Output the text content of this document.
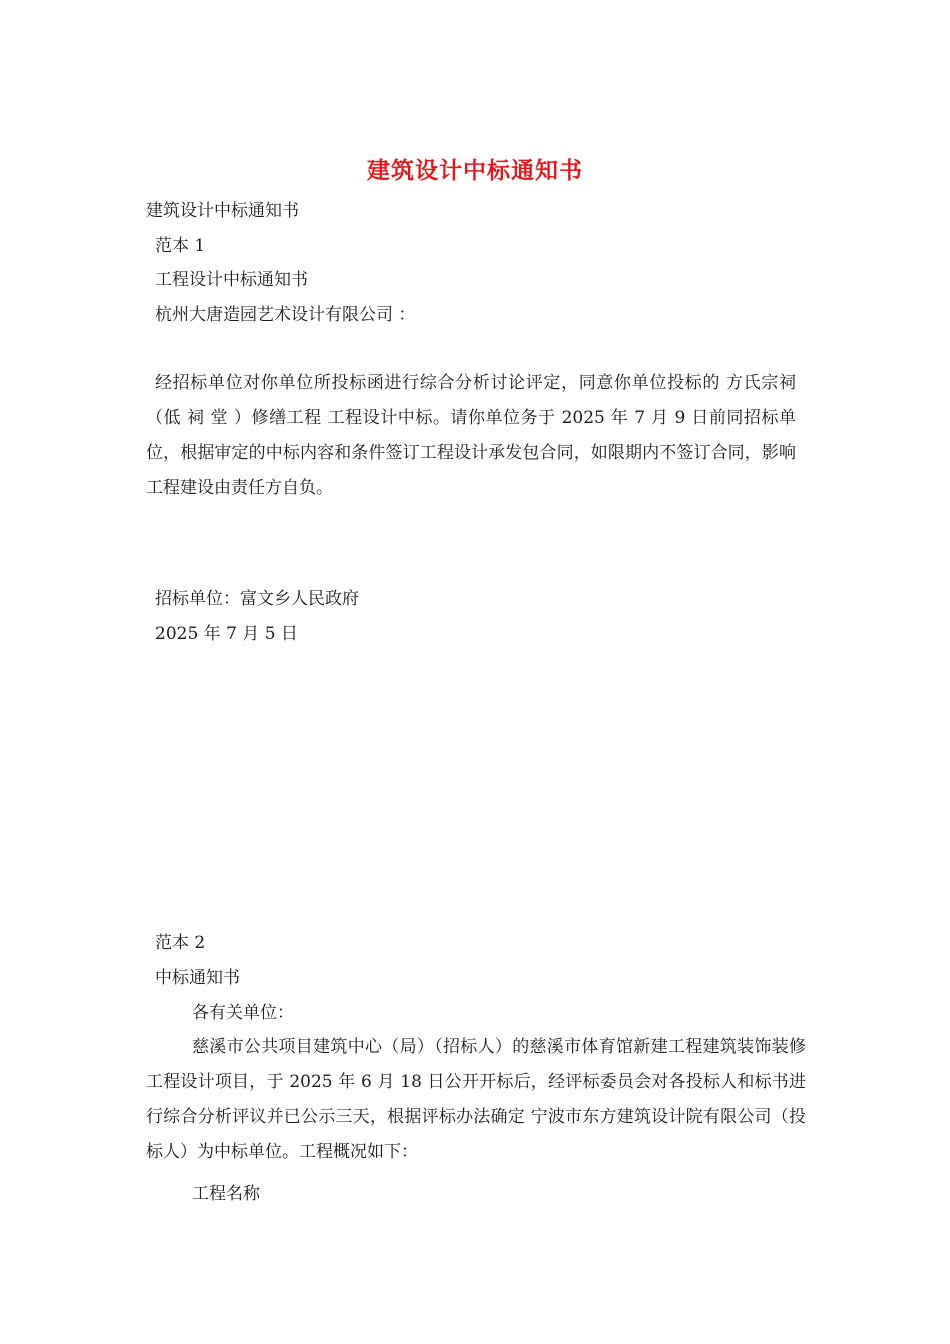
建筑设计中标通知书
建筑设计中标通知书
范本 1
工程设计中标通知书
杭州大唐造园艺术设计有限公司 ：
经招标单位对你单位所投标函进行综合分析讨论评定，同意你单位投标的 方氏宗祠（低 祠 堂 ）修缮工程 工程设计中标。请你单位务于 2025 年 7 月 9 日前同招标单位，根据审定的中标内容和条件签订工程设计承发包合同，如限期内不签订合同，影响工程建设由责任方自负。
招标单位：富文乡人民政府
2025 年 7 月 5 日
范本 2
中标通知书
各有关单位：
慈溪市公共项目建筑中心（局）（招标人）的慈溪市体育馆新建工程建筑装饰装修工程设计项目，于 2025 年 6 月 18 日公开开标后，经评标委员会对各投标人和标书进行综合分析评议并已公示三天，根据评标办法确定 宁波市东方建筑设计院有限公司（投标人）为中标单位。工程概况如下：
工程名称
